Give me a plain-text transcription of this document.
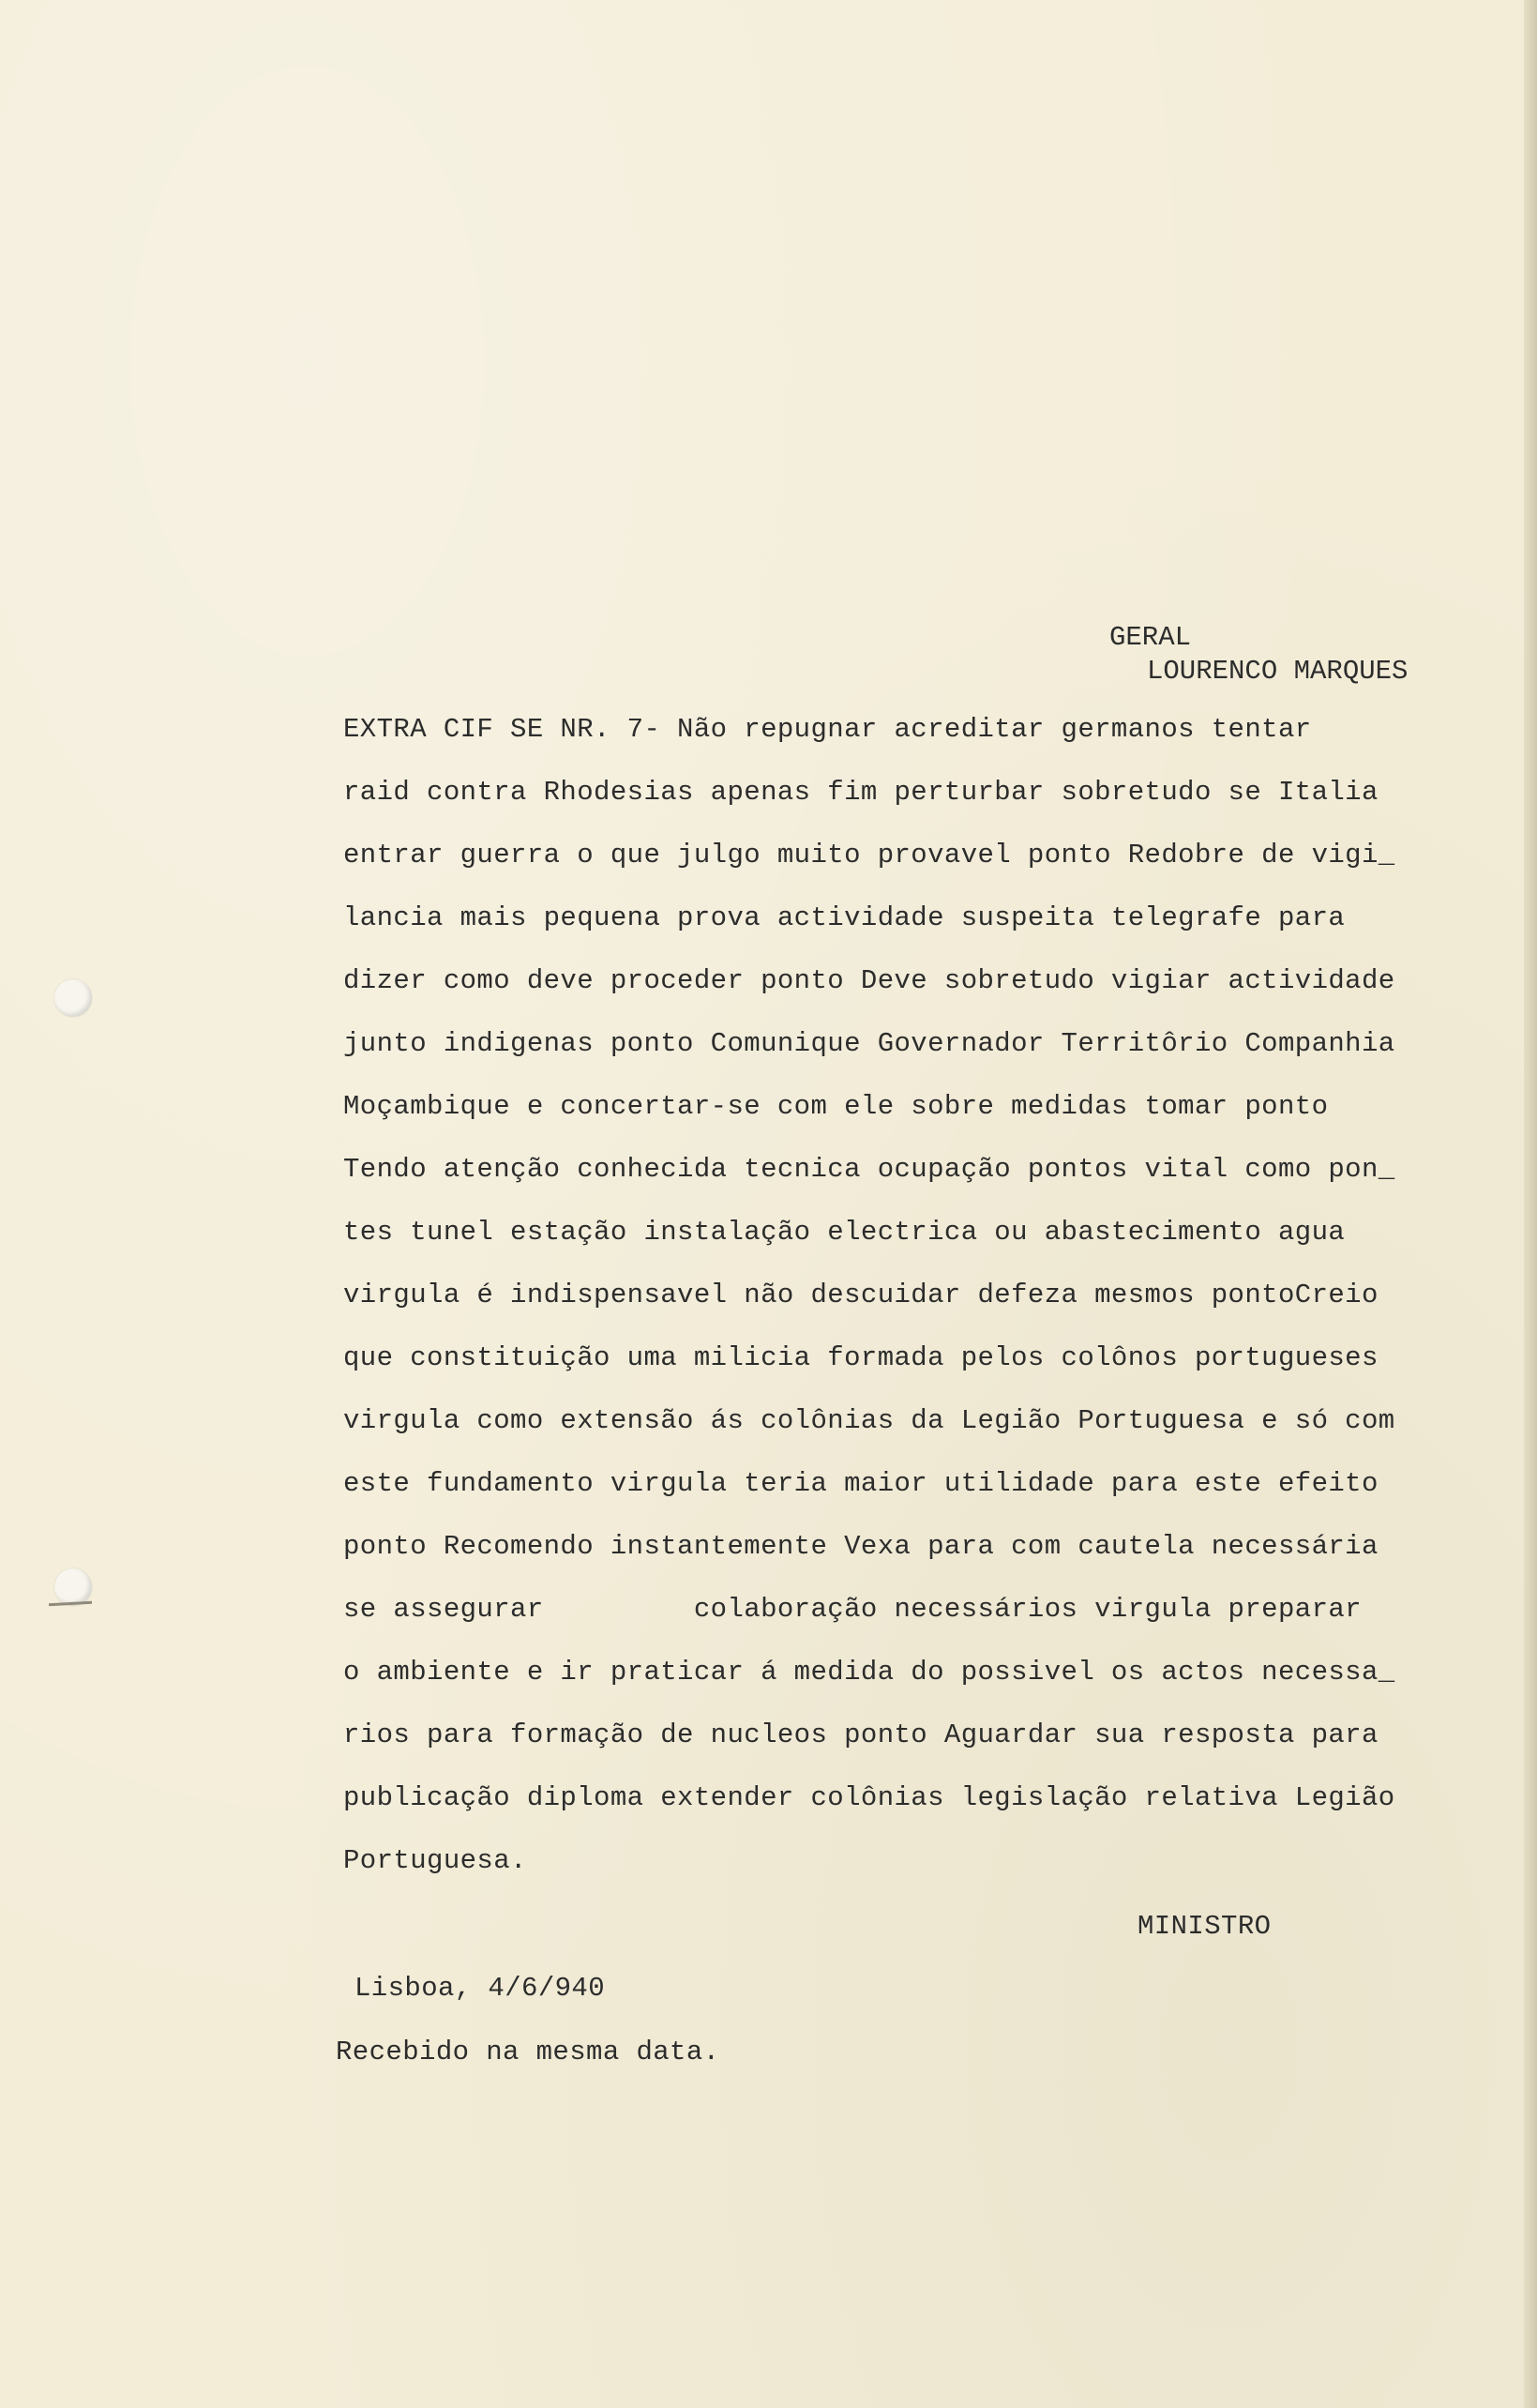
GERAL
LOURENCO MARQUES
EXTRA CIF SE NR. 7- Não repugnar acreditar germanos tentar
raid contra Rhodesias apenas fim perturbar sobretudo se Italia
entrar guerra o que julgo muito provavel ponto Redobre de vigi_
lancia mais pequena prova actividade suspeita telegrafe para
dizer como deve proceder ponto Deve sobretudo vigiar actividade
junto indigenas ponto Comunique Governador Territôrio Companhia
Moçambique e concertar-se com ele sobre medidas tomar ponto
Tendo atenção conhecida tecnica ocupação pontos vital como pon_
tes tunel estação instalação electrica ou abastecimento agua
virgula é indispensavel não descuidar defeza mesmos pontoCreio
que constituição uma milicia formada pelos colônos portugueses
virgula como extensão ás colônias da Legião Portuguesa e só com
este fundamento virgula teria maior utilidade para este efeito
ponto Recomendo instantemente Vexa para com cautela necessária
se assegurar         colaboração necessários virgula preparar
o ambiente e ir praticar á medida do possivel os actos necessa_
rios para formação de nucleos ponto Aguardar sua resposta para
publicação diploma extender colônias legislação relativa Legião
Portuguesa.
MINISTRO
Lisboa, 4/6/940
Recebido na mesma data.
